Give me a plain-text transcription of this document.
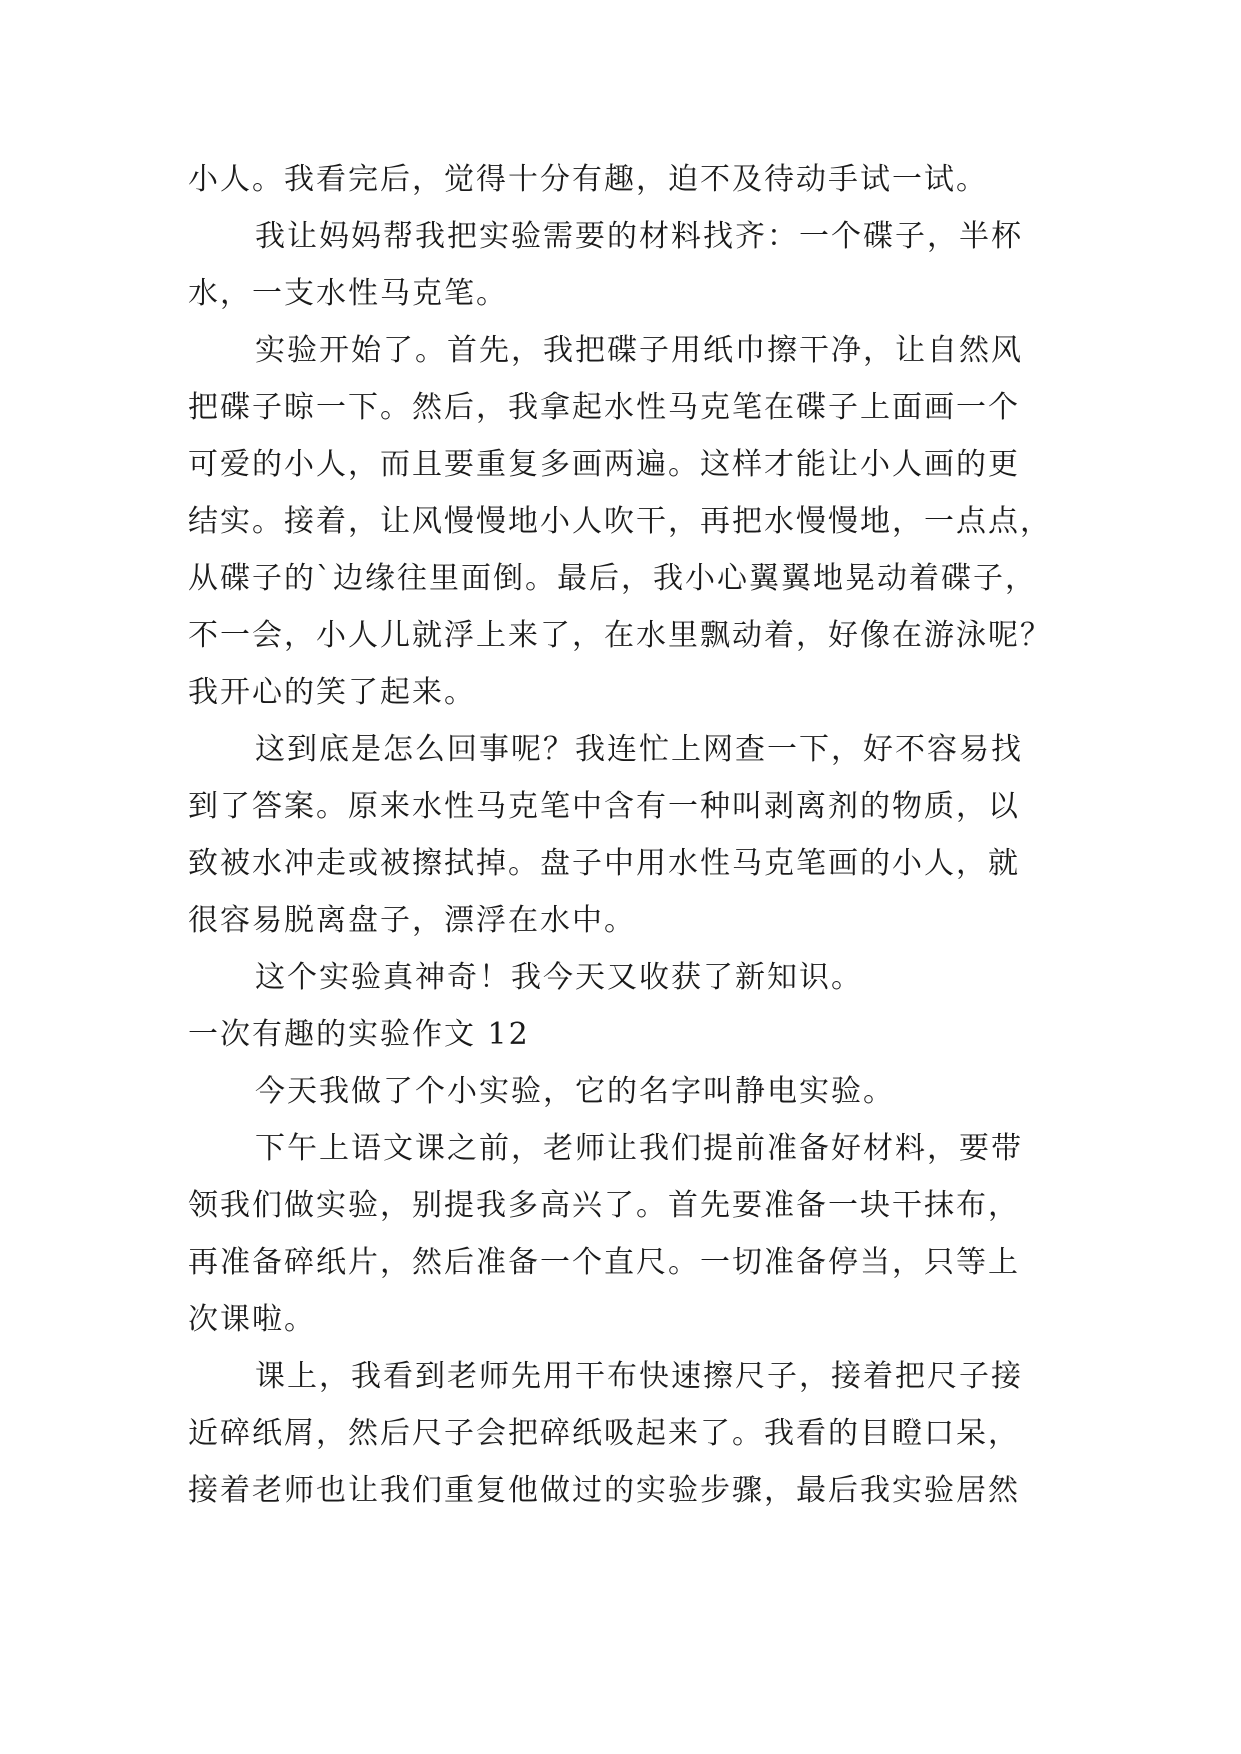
小人。我看完后，觉得十分有趣，迫不及待动手试一试。
我让妈妈帮我把实验需要的材料找齐：一个碟子，半杯
水，一支水性马克笔。
实验开始了。首先，我把碟子用纸巾擦干净，让自然风
把碟子晾一下。然后，我拿起水性马克笔在碟子上面画一个
可爱的小人，而且要重复多画两遍。这样才能让小人画的更
结实。接着，让风慢慢地小人吹干，再把水慢慢地，一点点，
从碟子的`边缘往里面倒。最后，我小心翼翼地晃动着碟子，
不一会，小人儿就浮上来了，在水里飘动着，好像在游泳呢？
我开心的笑了起来。
这到底是怎么回事呢？我连忙上网查一下，好不容易找
到了答案。原来水性马克笔中含有一种叫剥离剂的物质，以
致被水冲走或被擦拭掉。盘子中用水性马克笔画的小人，就
很容易脱离盘子，漂浮在水中。
这个实验真神奇！我今天又收获了新知识。
一次有趣的实验作文 12
今天我做了个小实验，它的名字叫静电实验。
下午上语文课之前，老师让我们提前准备好材料，要带
领我们做实验，别提我多高兴了。首先要准备一块干抹布，
再准备碎纸片，然后准备一个直尺。一切准备停当，只等上
次课啦。
课上，我看到老师先用干布快速擦尺子，接着把尺子接
近碎纸屑，然后尺子会把碎纸吸起来了。我看的目瞪口呆，
接着老师也让我们重复他做过的实验步骤，最后我实验居然
